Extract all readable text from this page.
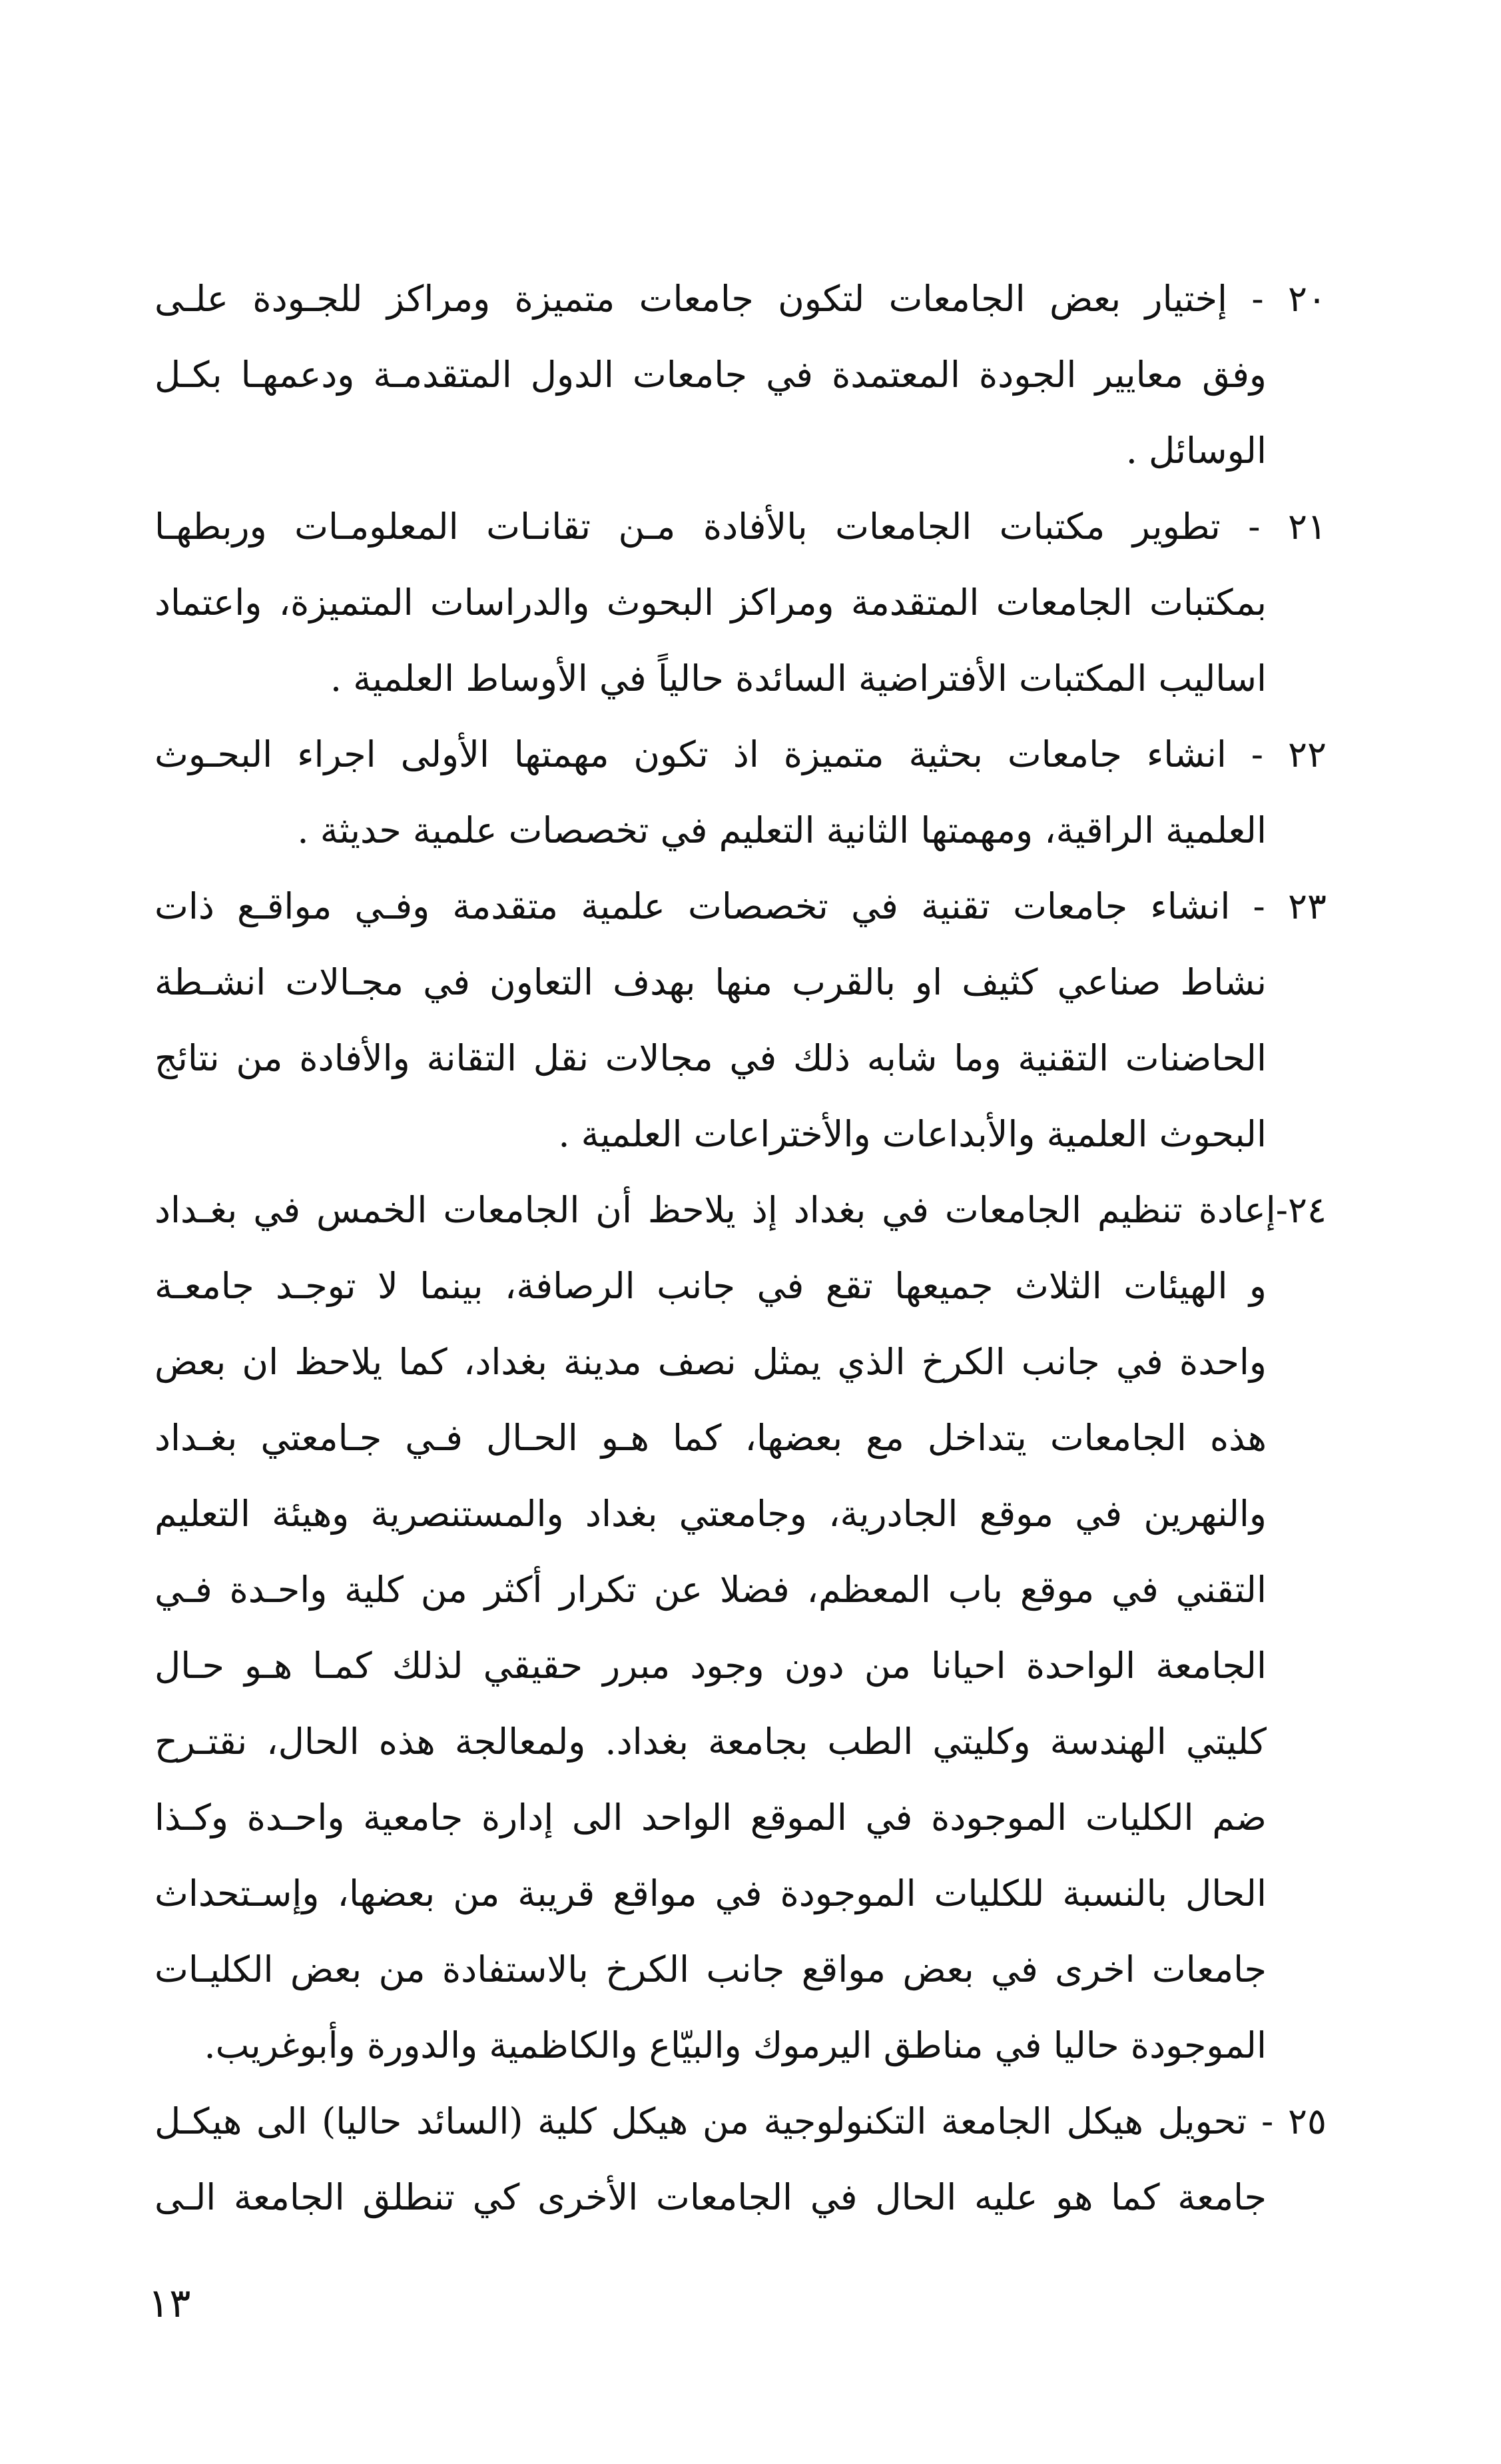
٢٠ - إختيار بعض الجامعات لتكون جامعات متميزة ومراكز للجـودة علـى
وفق معايير الجودة المعتمدة في جامعات الدول المتقدمـة ودعمهـا بكـل
الوسائل .
٢١ - تطوير مكتبات الجامعات بالأفادة مـن تقانـات المعلومـات وربطهـا
بمكتبات الجامعات المتقدمة ومراكز البحوث والدراسات المتميزة، واعتماد
اساليب المكتبات الأفتراضية السائدة حالياً في الأوساط العلمية .
٢٢ - انشاء جامعات بحثية متميزة اذ تكون مهمتها الأولى اجراء البحـوث
العلمية الراقية، ومهمتها الثانية التعليم في تخصصات علمية حديثة .
٢٣ - انشاء جامعات تقنية في تخصصات علمية متقدمة وفـي مواقـع ذات
نشاط صناعي كثيف او بالقرب منها بهدف التعاون في مجـالات انشـطة
الحاضنات التقنية وما شابه ذلك في مجالات نقل التقانة والأفادة من نتائج
البحوث العلمية والأبداعات والأختراعات العلمية .
٢٤-إعادة تنظيم الجامعات في بغداد إذ يلاحظ أن الجامعات الخمس في بغـداد
و الهيئات الثلاث جميعها تقع في جانب الرصافة، بينما لا توجـد جامعـة
واحدة في جانب الكرخ الذي يمثل نصف مدينة بغداد، كما يلاحظ ان بعض
هذه الجامعات يتداخل مع بعضها، كما هـو الحـال فـي جـامعتي بغـداد
والنهرين في موقع الجادرية، وجامعتي بغداد والمستنصرية وهيئة التعليم
التقني في موقع باب المعظم، فضلا عن تكرار أكثر من كلية واحـدة فـي
الجامعة الواحدة احيانا من دون وجود مبرر حقيقي لذلك كمـا هـو حـال
كليتي الهندسة وكليتي الطب بجامعة بغداد. ولمعالجة هذه الحال، نقتـرح
ضم الكليات الموجودة في الموقع الواحد الى إدارة جامعية واحـدة وكـذا
الحال بالنسبة للكليات الموجودة في مواقع قريبة من بعضها، وإسـتحداث
جامعات اخرى في بعض مواقع جانب الكرخ بالاستفادة من بعض الكليـات
الموجودة حاليا في مناطق اليرموك والبيّاع والكاظمية والدورة وأبوغريب.
٢٥ - تحويل هيكل الجامعة التكنولوجية من هيكل كلية (السائد حاليا) الى هيكـل
جامعة كما هو عليه الحال في الجامعات الأخرى كي تنطلق الجامعة الـى
١٣
